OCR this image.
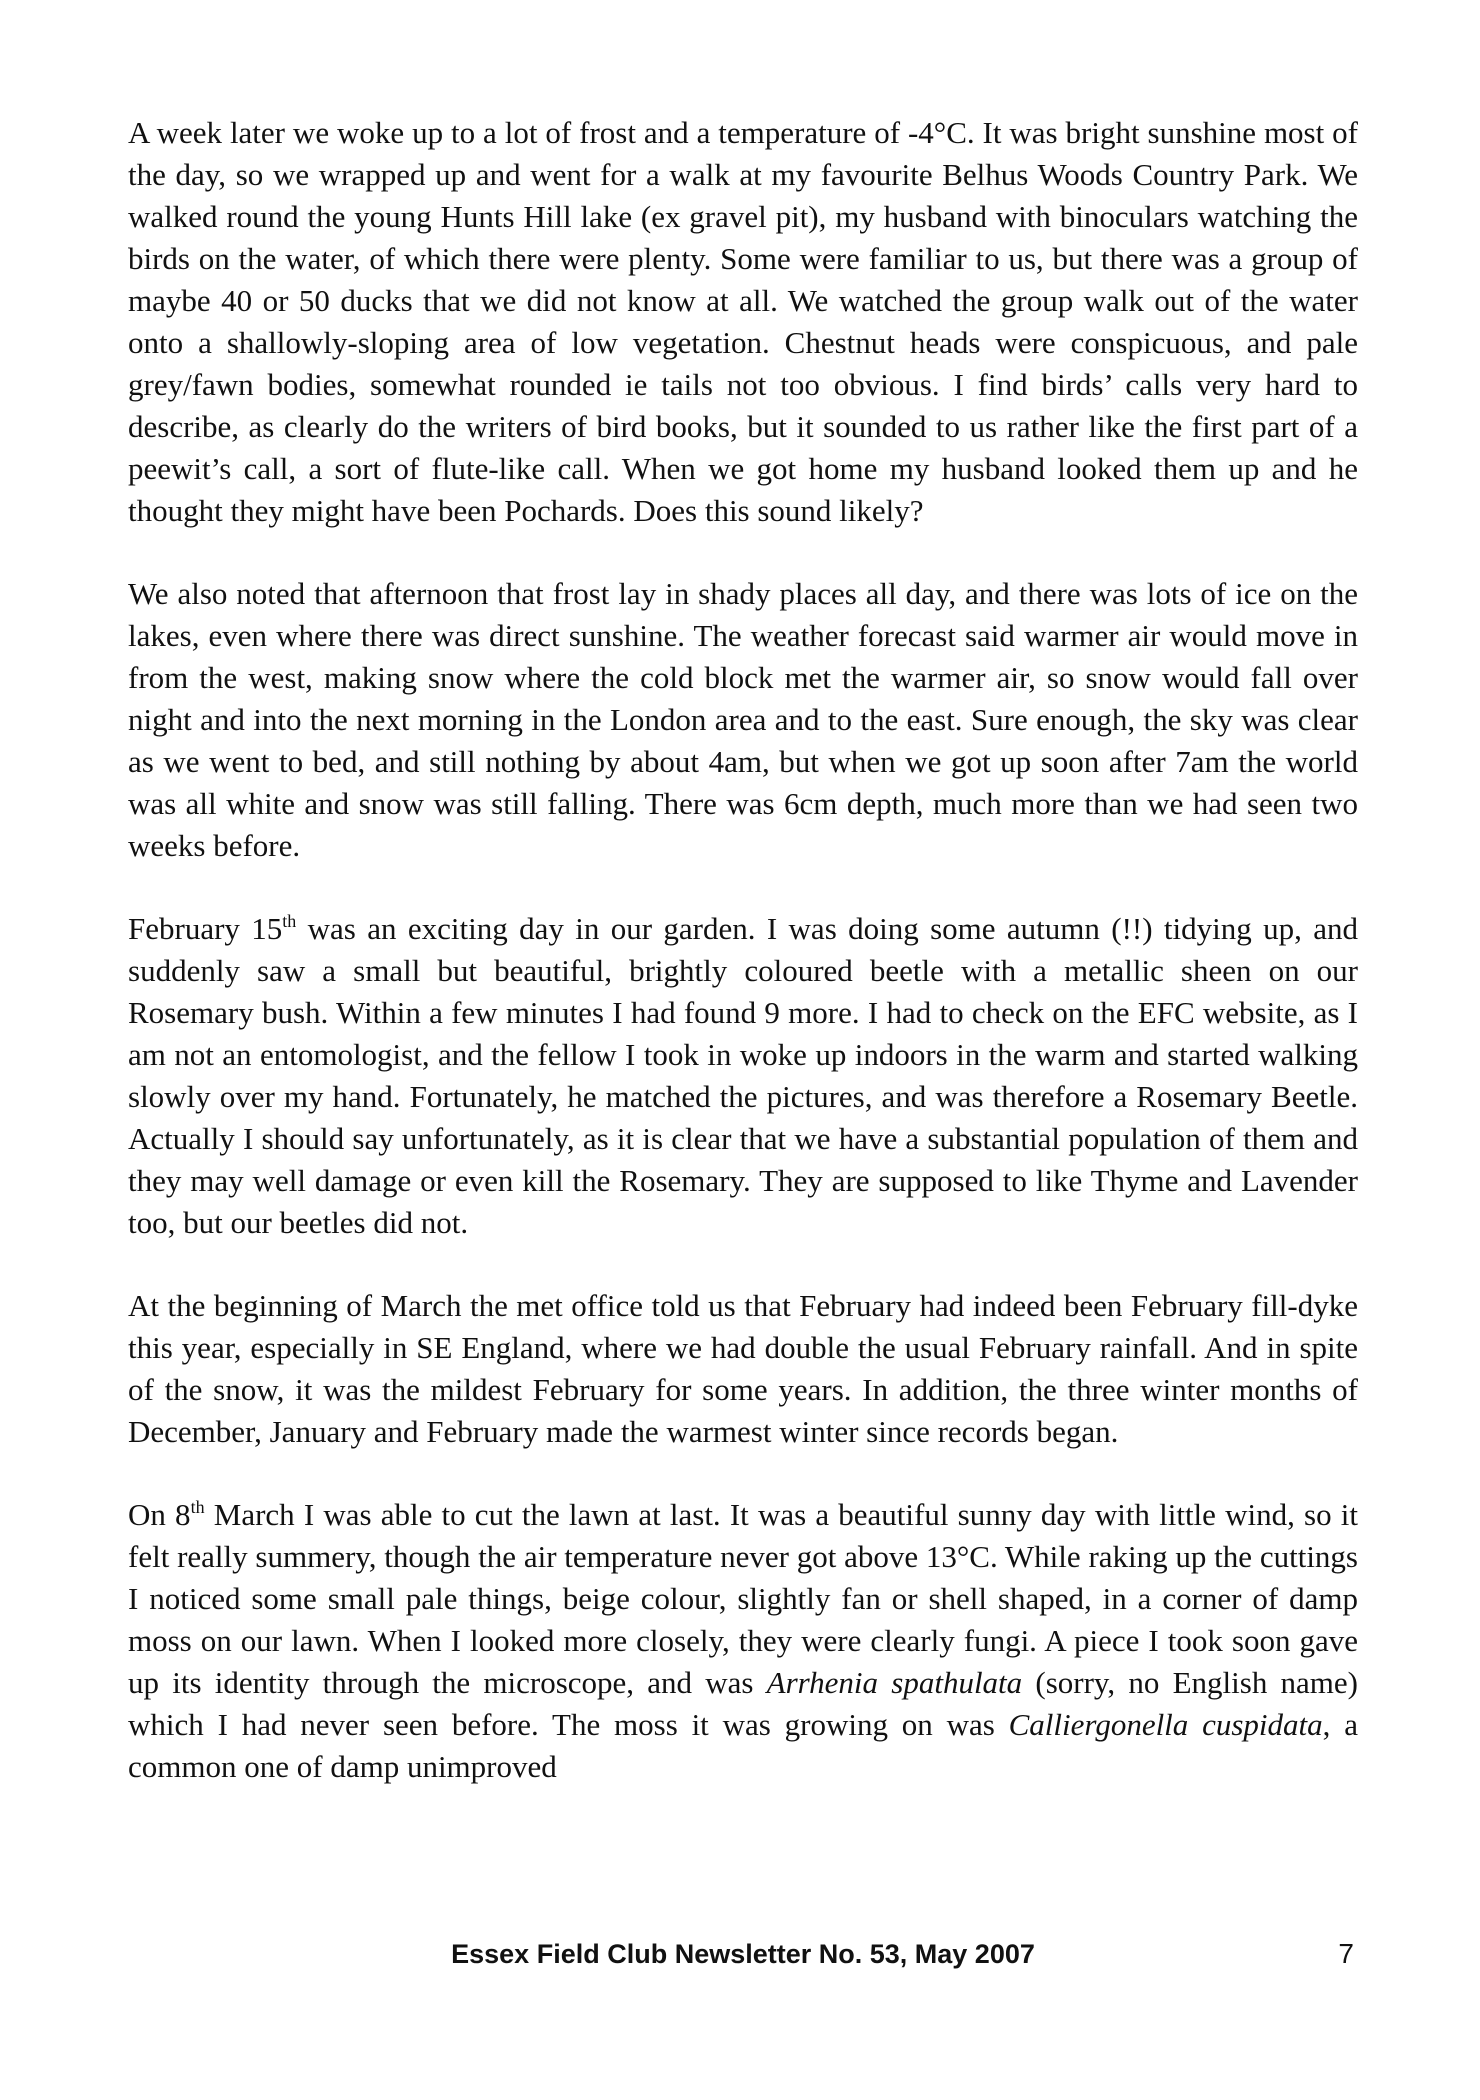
A week later we woke up to a lot of frost and a temperature of -4°C. It was bright sunshine most of the day, so we wrapped up and went for a walk at my favourite Belhus Woods Country Park. We walked round the young Hunts Hill lake (ex gravel pit), my husband with binoculars watching the birds on the water, of which there were plenty. Some were familiar to us, but there was a group of maybe 40 or 50 ducks that we did not know at all. We watched the group walk out of the water onto a shallowly-sloping area of low vegetation. Chestnut heads were conspicuous, and pale grey/fawn bodies, somewhat rounded ie tails not too obvious. I find birds’ calls very hard to describe, as clearly do the writers of bird books, but it sounded to us rather like the first part of a peewit’s call, a sort of flute-like call. When we got home my husband looked them up and he thought they might have been Pochards. Does this sound likely?

We also noted that afternoon that frost lay in shady places all day, and there was lots of ice on the lakes, even where there was direct sunshine. The weather forecast said warmer air would move in from the west, making snow where the cold block met the warmer air, so snow would fall over night and into the next morning in the London area and to the east. Sure enough, the sky was clear as we went to bed, and still nothing by about 4am, but when we got up soon after 7am the world was all white and snow was still falling. There was 6cm depth, much more than we had seen two weeks before.

February 15th was an exciting day in our garden. I was doing some autumn (!!) tidying up, and suddenly saw a small but beautiful, brightly coloured beetle with a metallic sheen on our Rosemary bush. Within a few minutes I had found 9 more. I had to check on the EFC website, as I am not an entomologist, and the fellow I took in woke up indoors in the warm and started walking slowly over my hand. Fortunately, he matched the pictures, and was therefore a Rosemary Beetle. Actually I should say unfortunately, as it is clear that we have a substantial population of them and they may well damage or even kill the Rosemary. They are supposed to like Thyme and Lavender too, but our beetles did not.

At the beginning of March the met office told us that February had indeed been February fill-dyke this year, especially in SE England, where we had double the usual February rainfall. And in spite of the snow, it was the mildest February for some years. In addition, the three winter months of December, January and February made the warmest winter since records began.

On 8th March I was able to cut the lawn at last. It was a beautiful sunny day with little wind, so it felt really summery, though the air temperature never got above 13°C. While raking up the cuttings I noticed some small pale things, beige colour, slightly fan or shell shaped, in a corner of damp moss on our lawn. When I looked more closely, they were clearly fungi. A piece I took soon gave up its identity through the microscope, and was Arrhenia spathulata (sorry, no English name) which I had never seen before. The moss it was growing on was Calliergonella cuspidata, a common one of damp unimproved

Essex Field Club Newsletter No. 53, May 2007	7
